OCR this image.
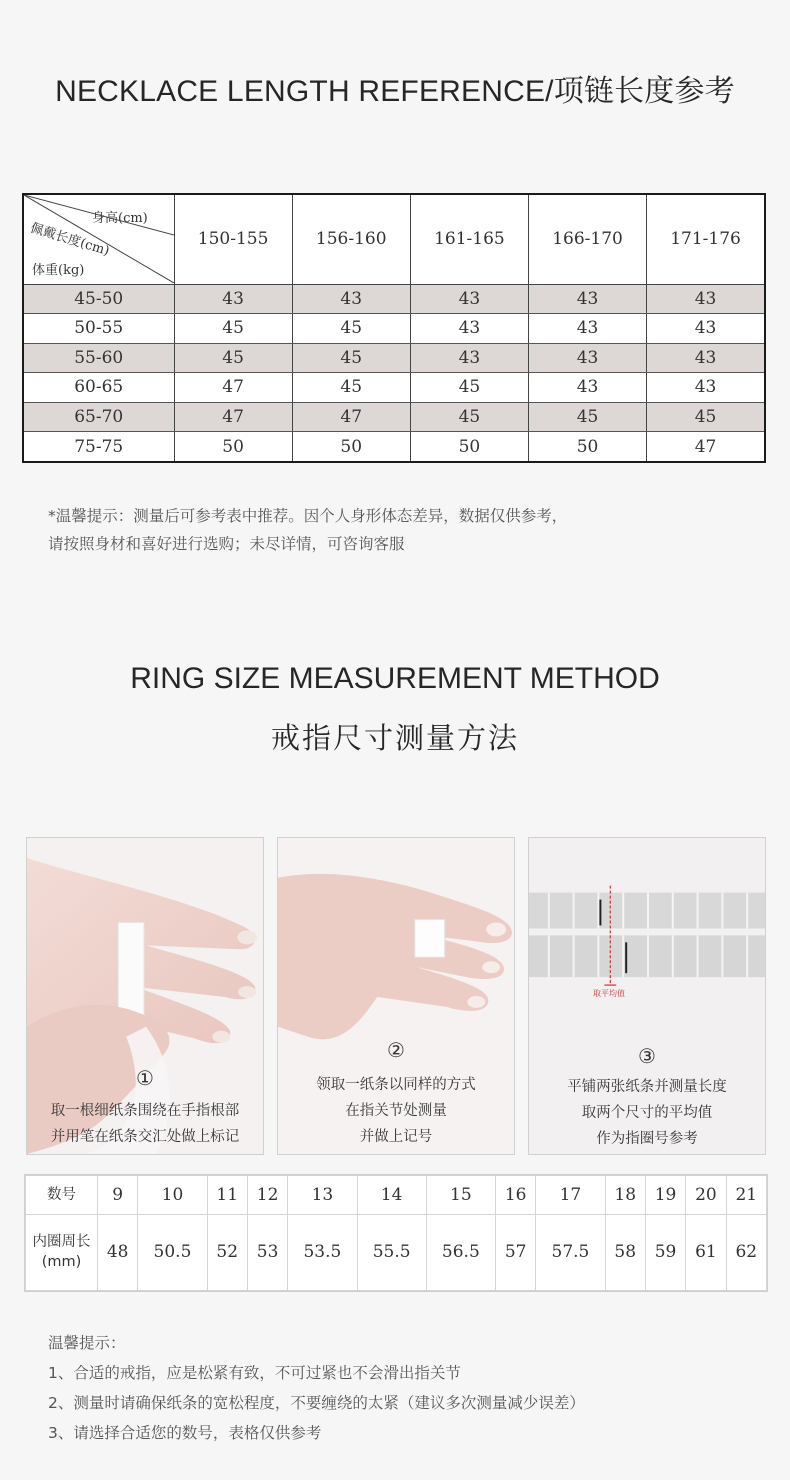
NECKLACE LENGTH REFERENCE/项链长度参考
身高(cm)
佩戴长度(cm)
体重(kg)	150-155	156-160	161-165	166-170	171-176
45-50	43	43	43	43	43
50-55	45	45	43	43	43
55-60	45	45	43	43	43
60-65	47	45	45	43	43
65-70	47	47	45	45	45
75-75	50	50	50	50	47
*温馨提示：测量后可参考表中推荐。因个人身形体态差异，数据仅供参考，
请按照身材和喜好进行选购；未尽详情，可咨询客服
RING SIZE MEASUREMENT METHOD
戒指尺寸测量方法
①
取一根细纸条围绕在手指根部
并用笔在纸条交汇处做上标记
②
领取一纸条以同样的方式
在指关节处测量
并做上记号
取平均值
③
平铺两张纸条并测量长度
取两个尺寸的平均值
作为指圈号参考
数号	9	10	11	12	13	14	15	16	17	18	19	20	21

内圈周长
(mm)	48	50.5	52	53	53.5	55.5	56.5	57	57.5	58	59	61	62
温馨提示：
1、合适的戒指，应是松紧有致，不可过紧也不会滑出指关节
2、测量时请确保纸条的宽松程度，不要缠绕的太紧（建议多次测量减少误差）
3、请选择合适您的数号，表格仅供参考
